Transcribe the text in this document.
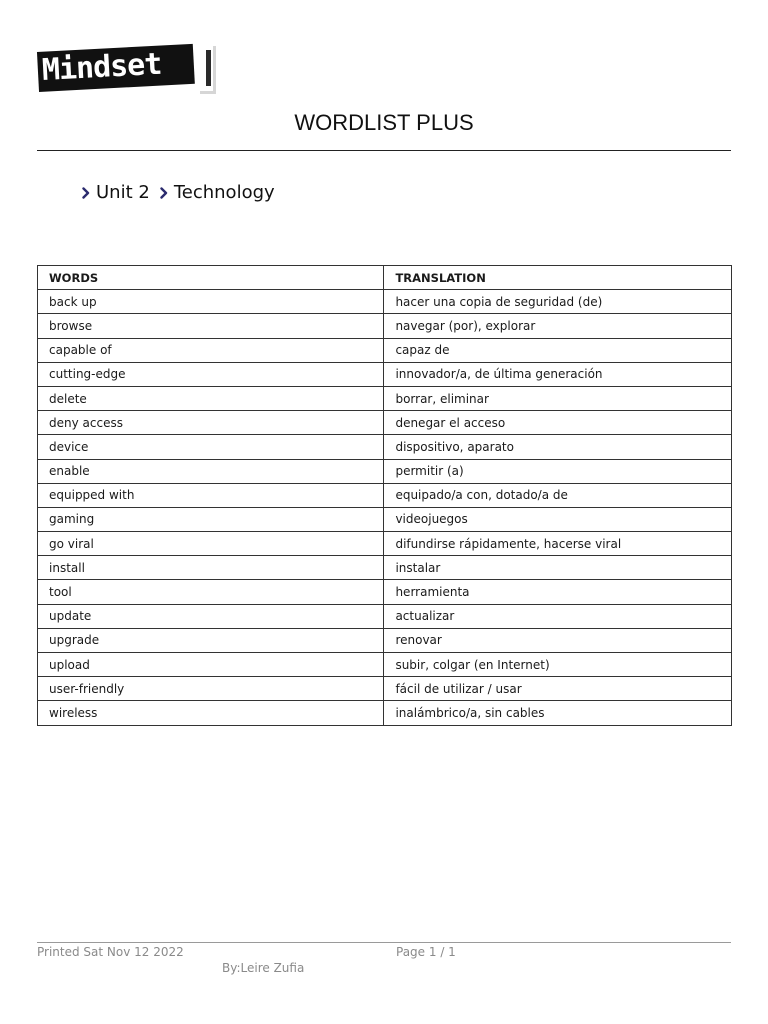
Mindset
WORDLIST PLUS
Unit 2 Technology
WORDS	TRANSLATION
back up	hacer una copia de seguridad (de)
browse	navegar (por), explorar
capable of	capaz de
cutting-edge	innovador/a, de última generación
delete	borrar, eliminar
deny access	denegar el acceso
device	dispositivo, aparato
enable	permitir (a)
equipped with	equipado/a con, dotado/a de
gaming	videojuegos
go viral	difundirse rápidamente, hacerse viral
install	instalar
tool	herramienta
update	actualizar
upgrade	renovar
upload	subir, colgar (en Internet)
user-friendly	fácil de utilizar / usar
wireless	inalámbrico/a, sin cables
Printed Sat Nov 12 2022	Page 1 / 1
By:Leire Zufia
